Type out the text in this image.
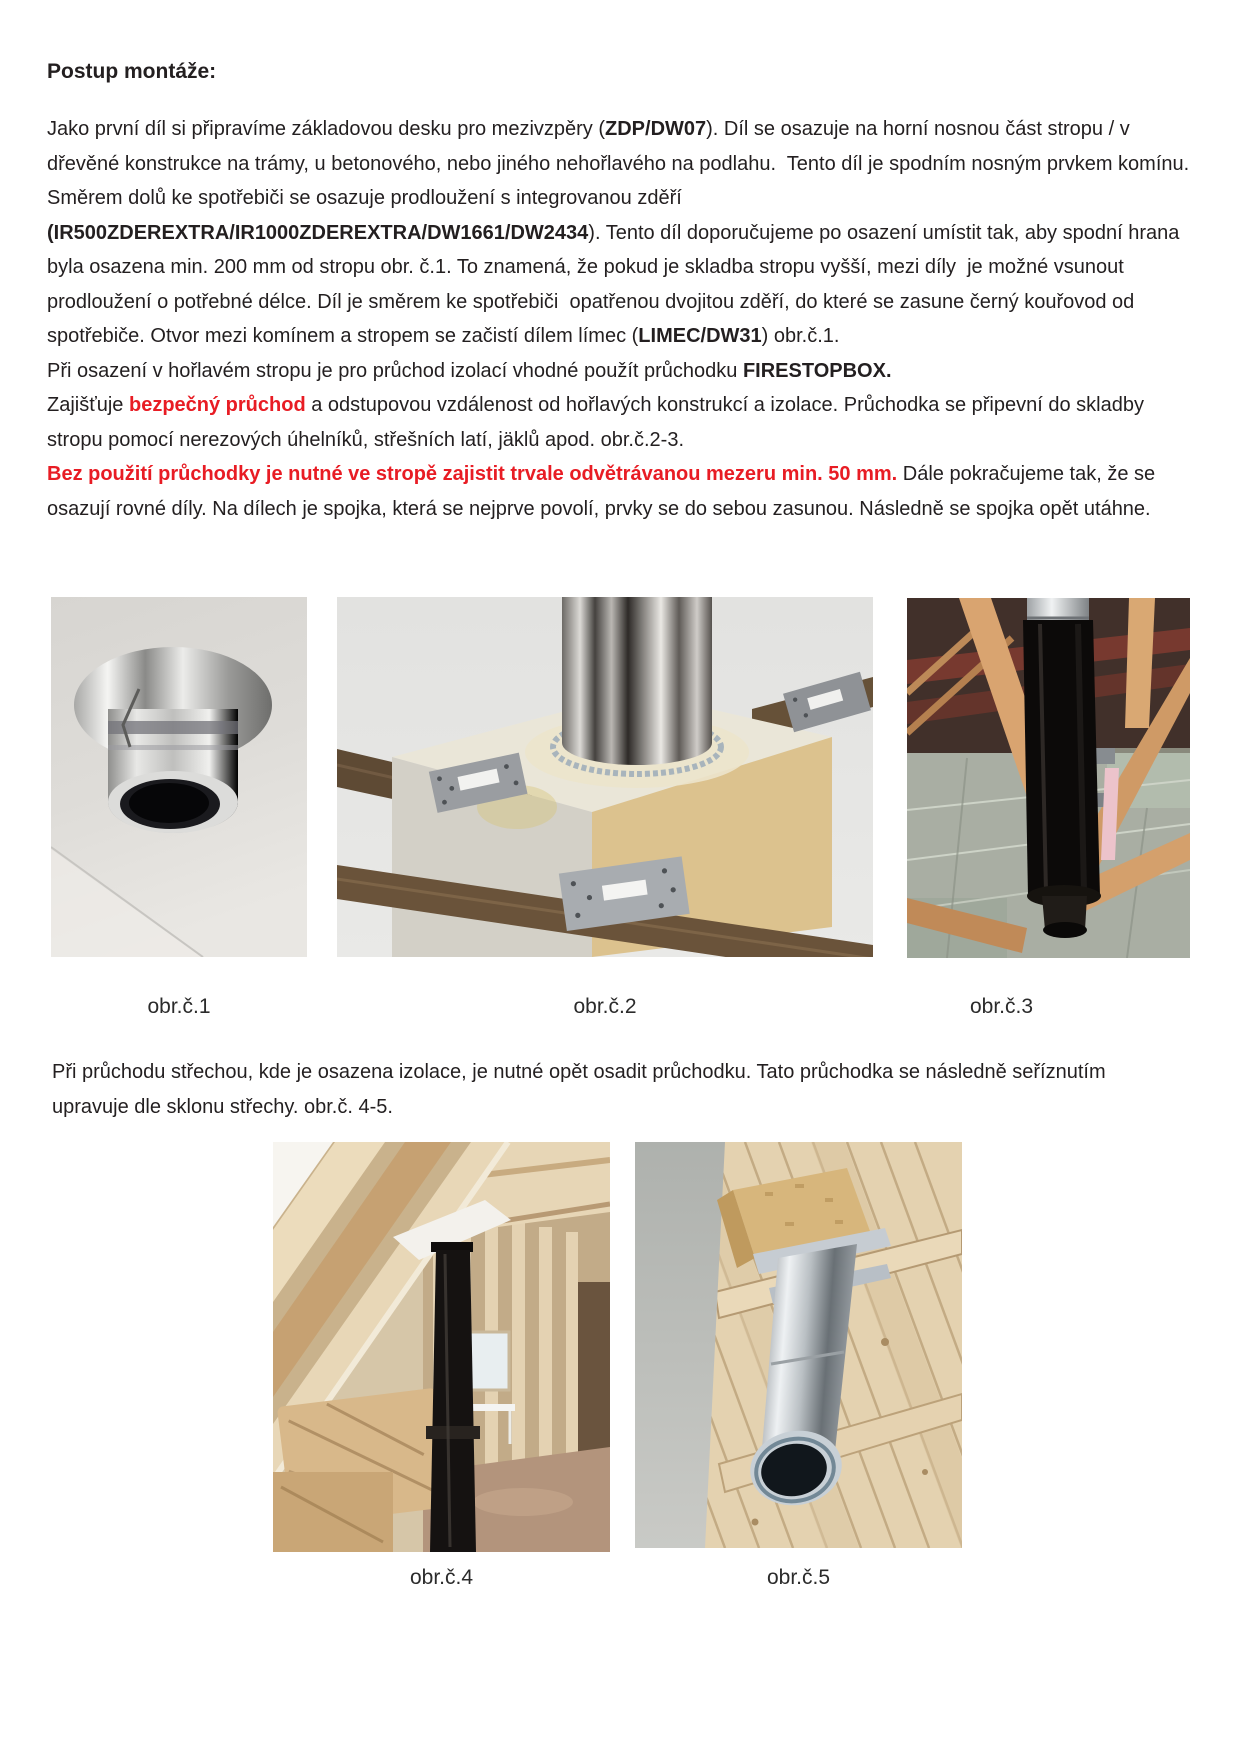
Postup montáže:

Jako první díl si připravíme základovou desku pro mezivzpěry (ZDP/DW07). Díl se osazuje na horní nosnou část stropu / v dřevěné konstrukce na trámy, u betonového, nebo jiného nehořlavého na podlahu.  Tento díl je spodním nosným prvkem komínu. Směrem dolů ke spotřebiči se osazuje prodloužení s integrovanou zděří (IR500ZDEREXTRA/IR1000ZDEREXTRA/DW1661/DW2434). Tento díl doporučujeme po osazení umístit tak, aby spodní hrana byla osazena min. 200 mm od stropu obr. č.1. To znamená, že pokud je skladba stropu vyšší, mezi díly  je možné vsunout prodloužení o potřebné délce. Díl je směrem ke spotřebiči  opatřenou dvojitou zděří, do které se zasune černý kouřovod od spotřebiče. Otvor mezi komínem a stropem se začistí dílem límec (LIMEC/DW31) obr.č.1.
Při osazení v hořlavém stropu je pro průchod izolací vhodné použít průchodku FIRESTOPBOX.
Zajišťuje bezpečný průchod a odstupovou vzdálenost od hořlavých konstrukcí a izolace. Průchodka se připevní do skladby stropu pomocí nerezových úhelníků, střešních latí, jäklů apod. obr.č.2-3.
Bez použití průchodky je nutné ve stropě zajistit trvale odvětrávanou mezeru min. 50 mm. Dále pokračujeme tak, že se osazují rovné díly. Na dílech je spojka, která se nejprve povolí, prvky se do sebou zasunou. Následně se spojka opět utáhne.

obr.č.1	obr.č.2	obr.č.3

Při průchodu střechou, kde je osazena izolace, je nutné opět osadit průchodku. Tato průchodka se následně seříznutím upravuje dle sklonu střechy. obr.č. 4-5.

obr.č.4	obr.č.5
